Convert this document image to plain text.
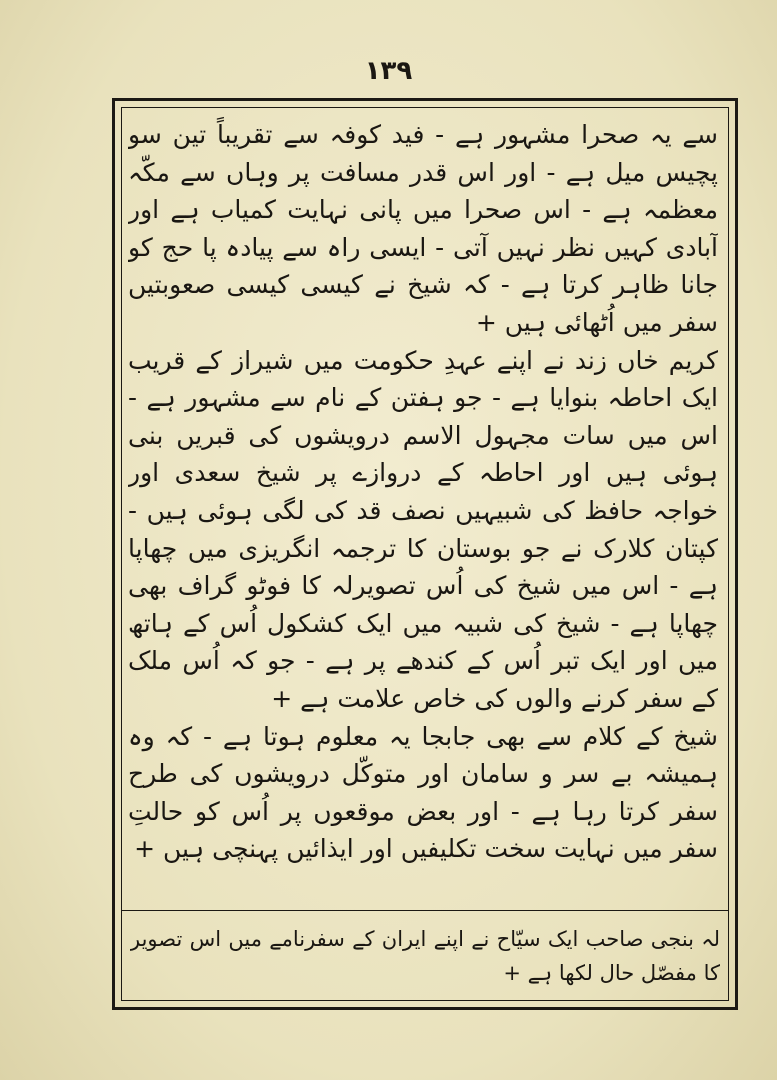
۱۳۹

سے یہ صحرا مشہور ہے - فید کوفہ سے تقریباً تین سو پچیس میل ہے - اور اس قدر مسافت پر وہاں سے مکّہ معظمہ ہے - اس صحرا میں پانی نہایت کمیاب ہے اور آبادی کہیں نظر نہیں آتی - ایسی راہ سے پیادہ پا حج کو جانا ظاہر کرتا ہے - کہ شیخ نے کیسی کیسی صعوبتیں سفر میں اُٹھائی ہیں +

کریم خاں زند نے اپنے عہدِ حکومت میں شیراز کے قریب ایک احاطہ بنوایا ہے - جو ہفتن کے نام سے مشہور ہے - اس میں سات مجہول الاسم درویشوں کی قبریں بنی ہوئی ہیں اور احاطہ کے دروازے پر شیخ سعدی اور خواجہ حافظ کی شبیہیں نصف قد کی لگی ہوئی ہیں - کپتان کلارک نے جو بوستان کا ترجمہ انگریزی میں چھاپا ہے - اس میں شیخ کی اُس تصویرلہ کا فوٹو گراف بھی چھاپا ہے - شیخ کی شبیہ میں ایک کشکول اُس کے ہاتھ میں اور ایک تبر اُس کے کندھے پر ہے - جو کہ اُس ملک کے سفر کرنے والوں کی خاص علامت ہے +

شیخ کے کلام سے بھی جابجا یہ معلوم ہوتا ہے - کہ وہ ہمیشہ بے سر و سامان اور متوکّل درویشوں کی طرح سفر کرتا رہا ہے - اور بعض موقعوں پر اُس کو حالتِ سفر میں نہایت سخت تکلیفیں اور ایذائیں پہنچی ہیں +

لہ بنجی صاحب ایک سیّاح نے اپنے ایران کے سفرنامے میں اس تصویر کا مفصّل حال لکھا ہے +
